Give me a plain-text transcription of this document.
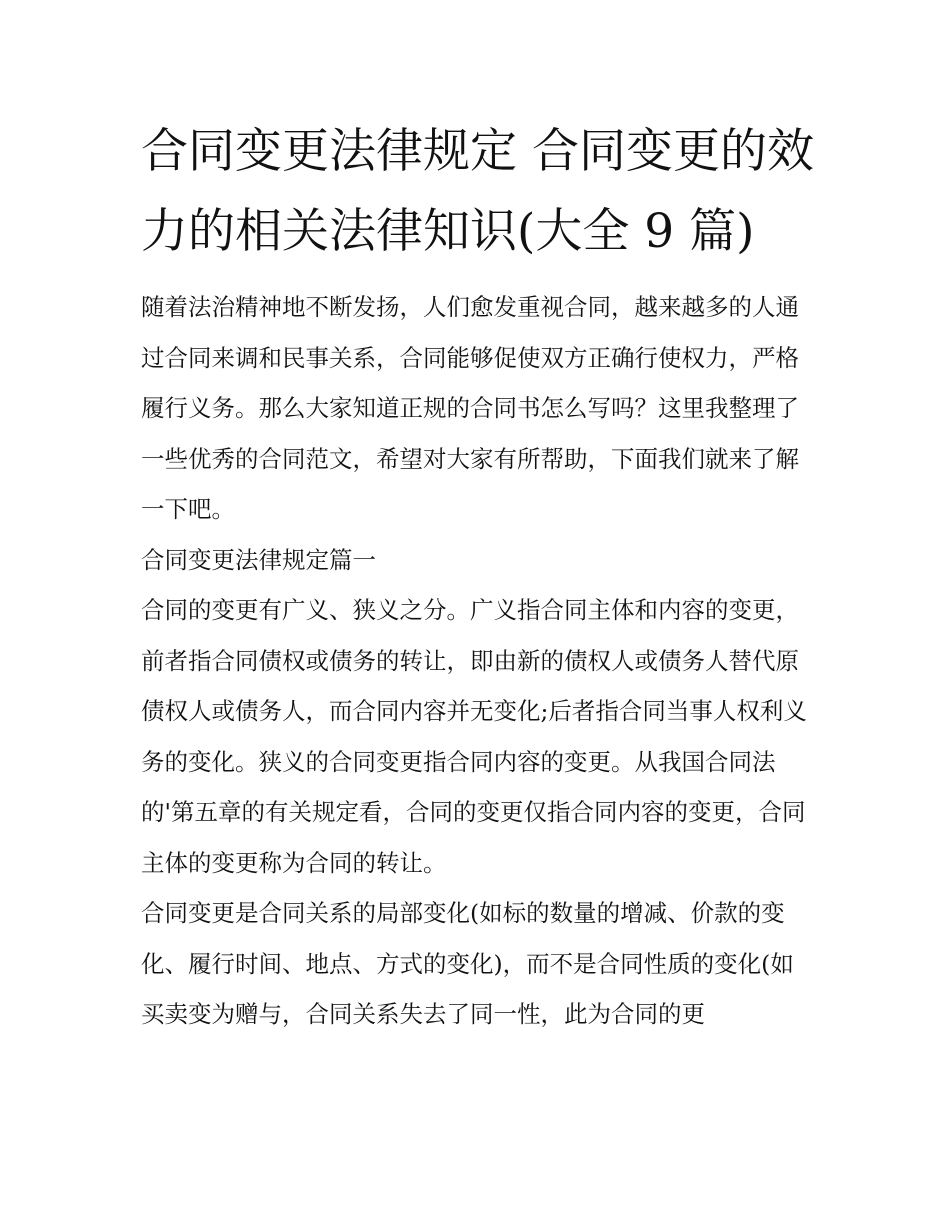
合同变更法律规定 合同变更的效力的相关法律知识(大全 9 篇)

随着法治精神地不断发扬，人们愈发重视合同，越来越多的人通过合同来调和民事关系，合同能够促使双方正确行使权力，严格履行义务。那么大家知道正规的合同书怎么写吗？这里我整理了一些优秀的合同范文，希望对大家有所帮助，下面我们就来了解一下吧。

合同变更法律规定篇一

合同的变更有广义、狭义之分。广义指合同主体和内容的变更，前者指合同债权或债务的转让，即由新的债权人或债务人替代原债权人或债务人，而合同内容并无变化;后者指合同当事人权利义务的变化。狭义的合同变更指合同内容的变更。从我国合同法的'第五章的有关规定看，合同的变更仅指合同内容的变更，合同主体的变更称为合同的转让。

合同变更是合同关系的局部变化(如标的数量的增减、价款的变化、履行时间、地点、方式的变化)，而不是合同性质的变化(如买卖变为赠与，合同关系失去了同一性，此为合同的更
